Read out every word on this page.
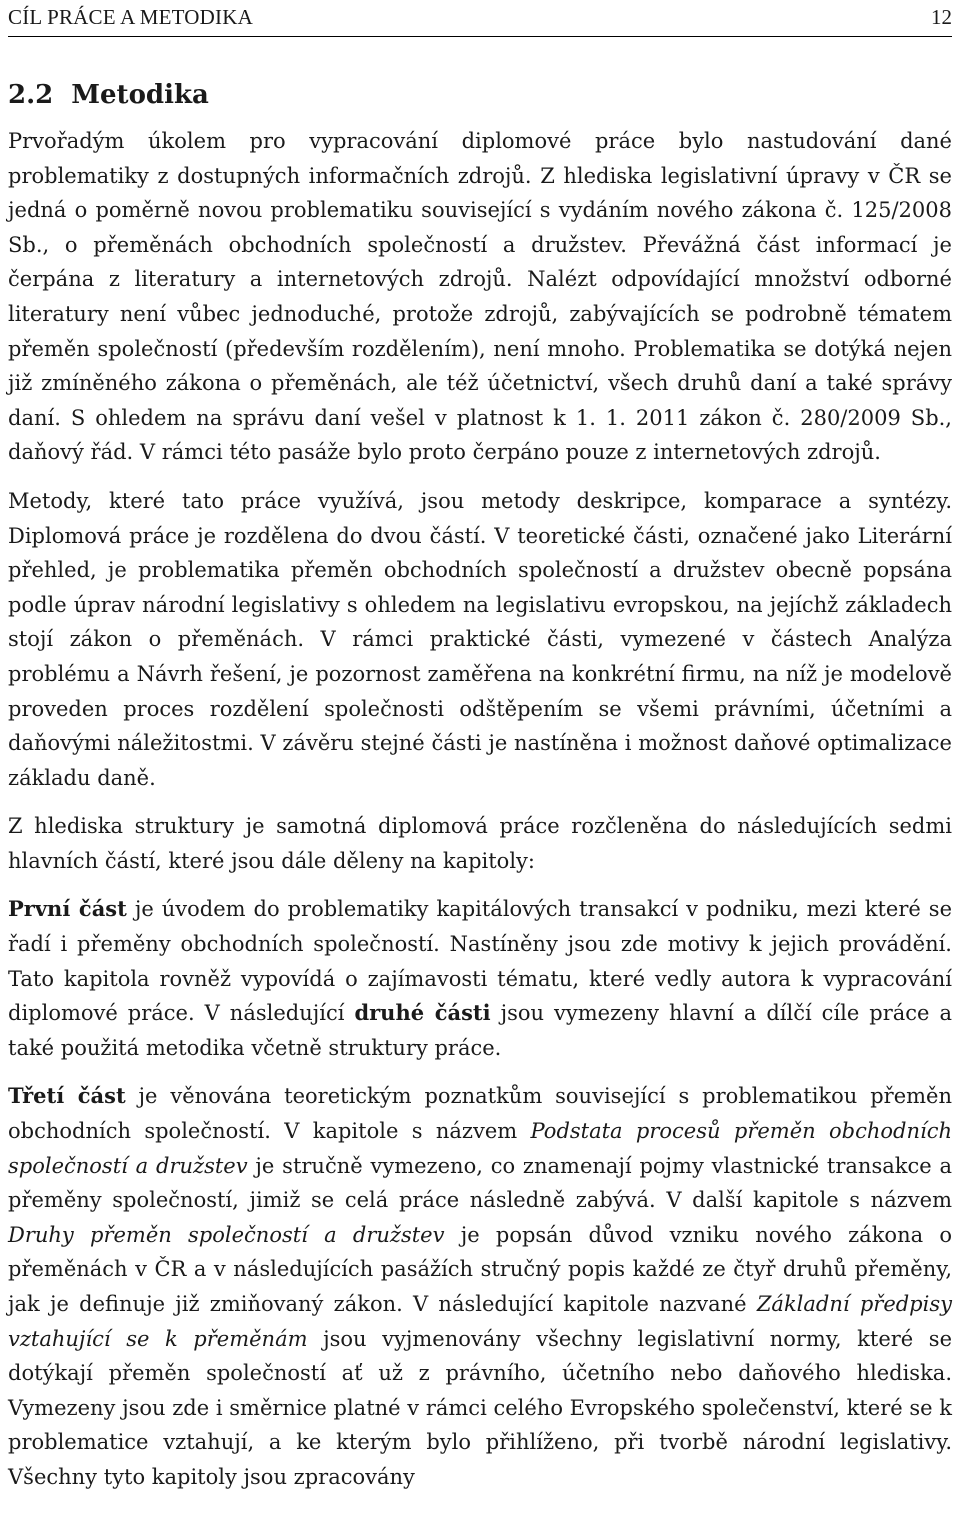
CÍL PRÁCE A METODIKA	12
2.2 Metodika

Prvořadým úkolem pro vypracování diplomové práce bylo nastudování dané problematiky z dostupných informačních zdrojů. Z hlediska legislativní úpravy v ČR se jedná o poměrně novou problematiku související s vydáním nového zákona č. 125/2008 Sb., o přeměnách obchodních společností a družstev. Převážná část informací je čerpána z literatury a internetových zdrojů. Nalézt odpovídající množství odborné literatury není vůbec jednoduché, protože zdrojů, zabývajících se podrobně tématem přeměn společností (především rozdělením), není mnoho. Problematika se dotýká nejen již zmíněného zákona o přeměnách, ale též účetnictví, všech druhů daní a také správy daní. S ohledem na správu daní vešel v platnost k 1. 1. 2011 zákon č. 280/2009 Sb., daňový řád. V rámci této pasáže bylo proto čerpáno pouze z internetových zdrojů.

Metody, které tato práce využívá, jsou metody deskripce, komparace a syntézy. Diplomová práce je rozdělena do dvou částí. V teoretické části, označené jako Literární přehled, je problematika přeměn obchodních společností a družstev obecně popsána podle úprav národní legislativy s ohledem na legislativu evropskou, na jejíchž základech stojí zákon o přeměnách. V rámci praktické části, vymezené v částech Analýza problému a Návrh řešení, je pozornost zaměřena na konkrétní firmu, na níž je modelově proveden proces rozdělení společnosti odštěpením se všemi právními, účetními a daňovými náležitostmi. V závěru stejné části je nastíněna i možnost daňové optimalizace základu daně.

Z hlediska struktury je samotná diplomová práce rozčleněna do následujících sedmi hlavních částí, které jsou dále děleny na kapitoly:

První část je úvodem do problematiky kapitálových transakcí v podniku, mezi které se řadí i přeměny obchodních společností. Nastíněny jsou zde motivy k jejich provádění. Tato kapitola rovněž vypovídá o zajímavosti tématu, které vedly autora k vypracování diplomové práce. V následující druhé části jsou vymezeny hlavní a dílčí cíle práce a také použitá metodika včetně struktury práce.

Třetí část je věnována teoretickým poznatkům související s problematikou přeměn obchodních společností. V kapitole s názvem Podstata procesů přeměn obchodních společností a družstev je stručně vymezeno, co znamenají pojmy vlastnické transakce a přeměny společností, jimiž se celá práce následně zabývá. V další kapitole s názvem Druhy přeměn společností a družstev je popsán důvod vzniku nového zákona o přeměnách v ČR a v následujících pasážích stručný popis každé ze čtyř druhů přeměny, jak je definuje již zmiňovaný zákon. V následující kapitole nazvané Základní předpisy vztahující se k přeměnám jsou vyjmenovány všechny legislativní normy, které se dotýkají přeměn společností ať už z právního, účetního nebo daňového hlediska. Vymezeny jsou zde i směrnice platné v rámci celého Evropského společenství, které se k problematice vztahují, a ke kterým bylo přihlíženo, při tvorbě národní legislativy. Všechny tyto kapitoly jsou zpracovány
